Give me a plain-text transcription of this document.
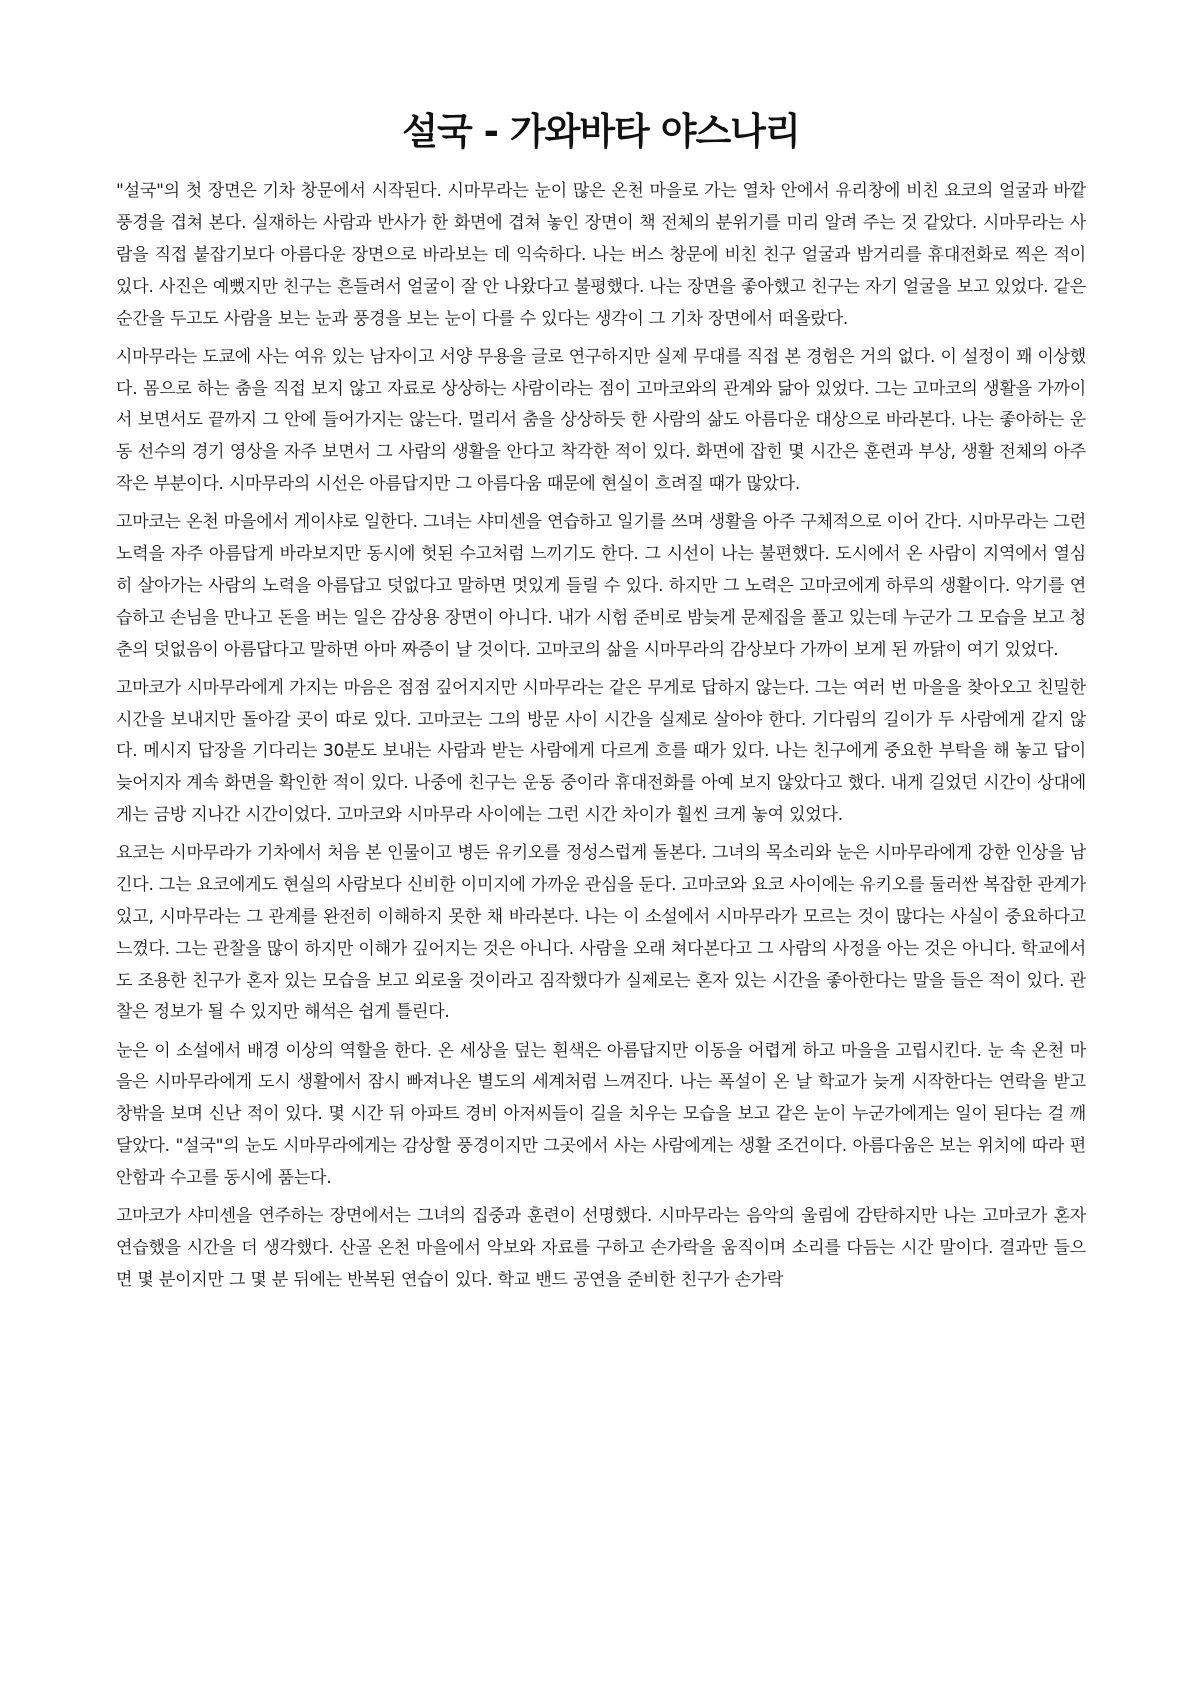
설국 - 가와바타 야스나리

"설국"의 첫 장면은 기차 창문에서 시작된다. 시마무라는 눈이 많은 온천 마을로 가는 열차 안에서 유리창에 비친 요코의 얼굴과 바깥 풍경을 겹쳐 본다. 실재하는 사람과 반사가 한 화면에 겹쳐 놓인 장면이 책 전체의 분위기를 미리 알려 주는 것 같았다. 시마무라는 사람을 직접 붙잡기보다 아름다운 장면으로 바라보는 데 익숙하다. 나는 버스 창문에 비친 친구 얼굴과 밤거리를 휴대전화로 찍은 적이 있다. 사진은 예뻤지만 친구는 흔들려서 얼굴이 잘 안 나왔다고 불평했다. 나는 장면을 좋아했고 친구는 자기 얼굴을 보고 있었다. 같은 순간을 두고도 사람을 보는 눈과 풍경을 보는 눈이 다를 수 있다는 생각이 그 기차 장면에서 떠올랐다.

시마무라는 도쿄에 사는 여유 있는 남자이고 서양 무용을 글로 연구하지만 실제 무대를 직접 본 경험은 거의 없다. 이 설정이 꽤 이상했다. 몸으로 하는 춤을 직접 보지 않고 자료로 상상하는 사람이라는 점이 고마코와의 관계와 닮아 있었다. 그는 고마코의 생활을 가까이서 보면서도 끝까지 그 안에 들어가지는 않는다. 멀리서 춤을 상상하듯 한 사람의 삶도 아름다운 대상으로 바라본다. 나는 좋아하는 운동 선수의 경기 영상을 자주 보면서 그 사람의 생활을 안다고 착각한 적이 있다. 화면에 잡힌 몇 시간은 훈련과 부상, 생활 전체의 아주 작은 부분이다. 시마무라의 시선은 아름답지만 그 아름다움 때문에 현실이 흐려질 때가 많았다.

고마코는 온천 마을에서 게이샤로 일한다. 그녀는 샤미센을 연습하고 일기를 쓰며 생활을 아주 구체적으로 이어 간다. 시마무라는 그런 노력을 자주 아름답게 바라보지만 동시에 헛된 수고처럼 느끼기도 한다. 그 시선이 나는 불편했다. 도시에서 온 사람이 지역에서 열심히 살아가는 사람의 노력을 아름답고 덧없다고 말하면 멋있게 들릴 수 있다. 하지만 그 노력은 고마코에게 하루의 생활이다. 악기를 연습하고 손님을 만나고 돈을 버는 일은 감상용 장면이 아니다. 내가 시험 준비로 밤늦게 문제집을 풀고 있는데 누군가 그 모습을 보고 청춘의 덧없음이 아름답다고 말하면 아마 짜증이 날 것이다. 고마코의 삶을 시마무라의 감상보다 가까이 보게 된 까닭이 여기 있었다.

고마코가 시마무라에게 가지는 마음은 점점 깊어지지만 시마무라는 같은 무게로 답하지 않는다. 그는 여러 번 마을을 찾아오고 친밀한 시간을 보내지만 돌아갈 곳이 따로 있다. 고마코는 그의 방문 사이 시간을 실제로 살아야 한다. 기다림의 길이가 두 사람에게 같지 않다. 메시지 답장을 기다리는 30분도 보내는 사람과 받는 사람에게 다르게 흐를 때가 있다. 나는 친구에게 중요한 부탁을 해 놓고 답이 늦어지자 계속 화면을 확인한 적이 있다. 나중에 친구는 운동 중이라 휴대전화를 아예 보지 않았다고 했다. 내게 길었던 시간이 상대에게는 금방 지나간 시간이었다. 고마코와 시마무라 사이에는 그런 시간 차이가 훨씬 크게 놓여 있었다.

요코는 시마무라가 기차에서 처음 본 인물이고 병든 유키오를 정성스럽게 돌본다. 그녀의 목소리와 눈은 시마무라에게 강한 인상을 남긴다. 그는 요코에게도 현실의 사람보다 신비한 이미지에 가까운 관심을 둔다. 고마코와 요코 사이에는 유키오를 둘러싼 복잡한 관계가 있고, 시마무라는 그 관계를 완전히 이해하지 못한 채 바라본다. 나는 이 소설에서 시마무라가 모르는 것이 많다는 사실이 중요하다고 느꼈다. 그는 관찰을 많이 하지만 이해가 깊어지는 것은 아니다. 사람을 오래 쳐다본다고 그 사람의 사정을 아는 것은 아니다. 학교에서도 조용한 친구가 혼자 있는 모습을 보고 외로울 것이라고 짐작했다가 실제로는 혼자 있는 시간을 좋아한다는 말을 들은 적이 있다. 관찰은 정보가 될 수 있지만 해석은 쉽게 틀린다.

눈은 이 소설에서 배경 이상의 역할을 한다. 온 세상을 덮는 흰색은 아름답지만 이동을 어렵게 하고 마을을 고립시킨다. 눈 속 온천 마을은 시마무라에게 도시 생활에서 잠시 빠져나온 별도의 세계처럼 느껴진다. 나는 폭설이 온 날 학교가 늦게 시작한다는 연락을 받고 창밖을 보며 신난 적이 있다. 몇 시간 뒤 아파트 경비 아저씨들이 길을 치우는 모습을 보고 같은 눈이 누군가에게는 일이 된다는 걸 깨달았다. "설국"의 눈도 시마무라에게는 감상할 풍경이지만 그곳에서 사는 사람에게는 생활 조건이다. 아름다움은 보는 위치에 따라 편안함과 수고를 동시에 품는다.

고마코가 샤미센을 연주하는 장면에서는 그녀의 집중과 훈련이 선명했다. 시마무라는 음악의 울림에 감탄하지만 나는 고마코가 혼자 연습했을 시간을 더 생각했다. 산골 온천 마을에서 악보와 자료를 구하고 손가락을 움직이며 소리를 다듬는 시간 말이다. 결과만 들으면 몇 분이지만 그 몇 분 뒤에는 반복된 연습이 있다. 학교 밴드 공연을 준비한 친구가 손가락
